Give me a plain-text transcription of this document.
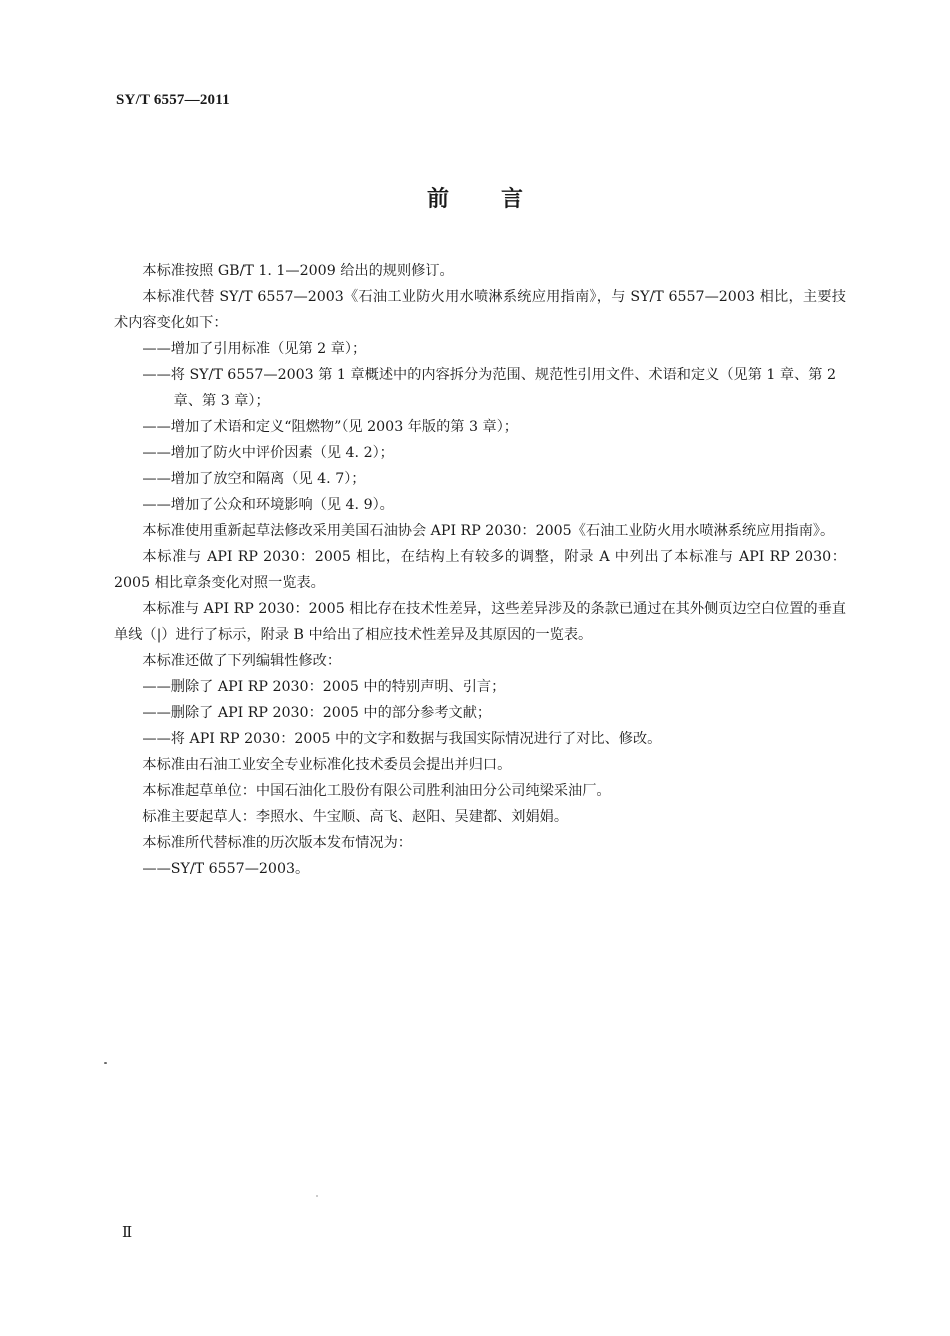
SY/T 6557—2011
前言

本标准按照 GB/T 1. 1—2009 给出的规则修订。

本标准代替 SY/T 6557—2003《石油工业防火用水喷淋系统应用指南》，与 SY/T 6557—2003 相比，主要技术内容变化如下：

——增加了引用标准（见第 2 章）；

——将 SY/T 6557—2003 第 1 章概述中的内容拆分为范围、规范性引用文件、术语和定义（见第 1 章、第 2 章、第 3 章）；

——增加了术语和定义“阻燃物”（见 2003 年版的第 3 章）；

——增加了防火中评价因素（见 4. 2）；

——增加了放空和隔离（见 4. 7）；

——增加了公众和环境影响（见 4. 9）。

本标准使用重新起草法修改采用美国石油协会 API RP 2030：2005《石油工业防火用水喷淋系统应用指南》。

本标准与 API RP 2030：2005 相比，在结构上有较多的调整，附录 A 中列出了本标准与 API RP 2030：2005 相比章条变化对照一览表。

本标准与 API RP 2030：2005 相比存在技术性差异，这些差异涉及的条款已通过在其外侧页边空白位置的垂直单线（|）进行了标示，附录 B 中给出了相应技术性差异及其原因的一览表。

本标准还做了下列编辑性修改：

——删除了 API RP 2030：2005 中的特别声明、引言；

——删除了 API RP 2030：2005 中的部分参考文献；

——将 API RP 2030：2005 中的文字和数据与我国实际情况进行了对比、修改。

本标准由石油工业安全专业标准化技术委员会提出并归口。

本标准起草单位：中国石油化工股份有限公司胜利油田分公司纯梁采油厂。

标准主要起草人：李照水、牛宝顺、高飞、赵阳、吴建都、刘娟娟。

本标准所代替标准的历次版本发布情况为：

——SY/T 6557—2003。

Ⅱ
